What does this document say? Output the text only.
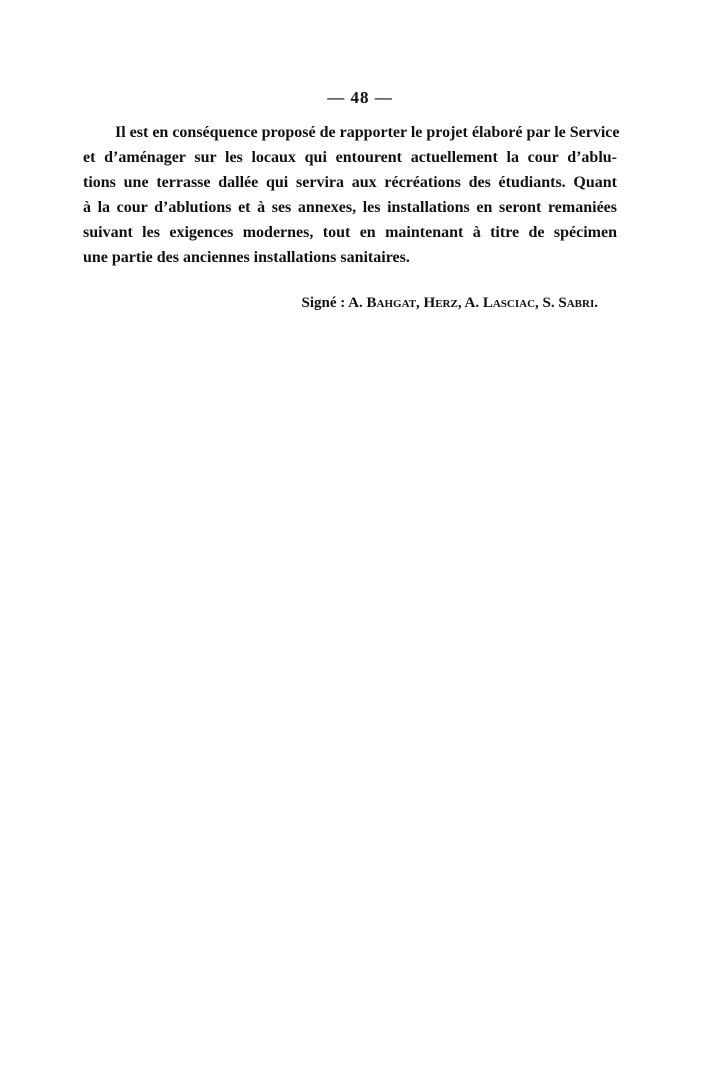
— 48 —
Il est en conséquence proposé de rapporter le projet élaboré par le Service
et d’aménager sur les locaux qui entourent actuellement la cour d’ablu-
tions une terrasse dallée qui servira aux récréations des étudiants. Quant
à la cour d’ablutions et à ses annexes, les installations en seront remaniées
suivant les exigences modernes, tout en maintenant à titre de spécimen
une partie des anciennes installations sanitaires.
Signé : A. Bahgat, Herz, A. Lasciac, S. Sabri.
